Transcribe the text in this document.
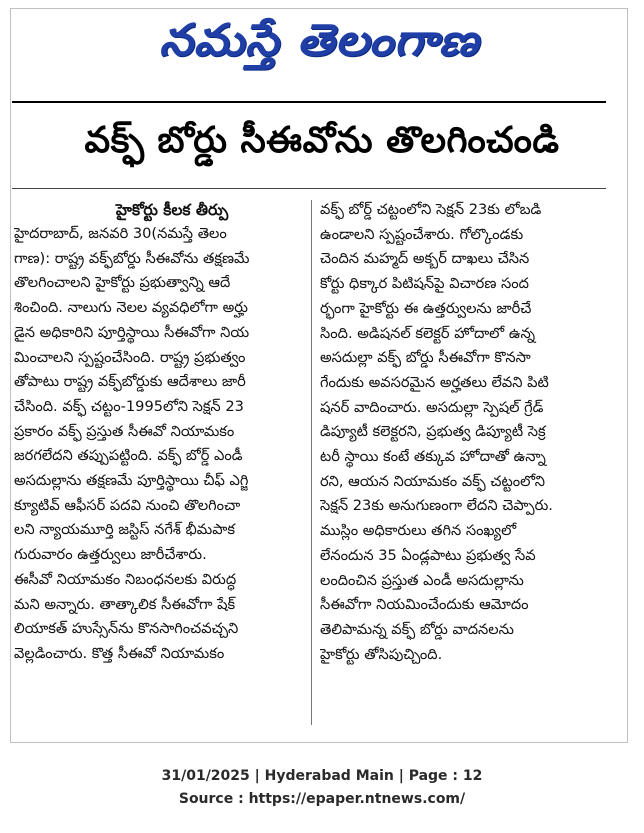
నమస్తే తెలంగాణ
వక్ఫ్ బోర్డు సీఈవోను తొలగించండి
హైకోర్టు కీలక తీర్పు
హైదరాబాద్, జనవరి 30(నమస్తే తెలం
గాణ): రాష్ట్ర వక్ఫ్‌బోర్డు సీఈవోను తక్షణమే
తొలగించాలని హైకోర్టు ప్రభుత్వాన్ని ఆదే
శించింది. నాలుగు నెలల వ్యవధిలోగా అర్హు
డైన అధికారిని పూర్తిస్థాయి సీఈవోగా నియ
మించాలని స్పష్టంచేసింది. రాష్ట్ర ప్రభుత్వం
తోపాటు రాష్ట్ర వక్ఫ్‌బోర్డుకు ఆదేశాలు జారీ
చేసింది. వక్ఫ్ చట్టం-1995లోని సెక్షన్ 23
ప్రకారం వక్ఫ్ ప్రస్తుత సీఈవో నియామకం
జరగలేదని తప్పుపట్టింది. వక్ఫ్ బోర్డ్ ఎండీ
అసదుల్లాను తక్షణమే పూర్తిస్థాయి చీఫ్ ఎగ్జి
క్యూటివ్ ఆఫీసర్ పదవి నుంచి తొలగించా
లని న్యాయమూర్తి జస్టిస్ నగేశ్ భీమపాక
గురువారం ఉత్తర్వులు జారీచేశారు.
ఈసీవో నియామకం నిబంధనలకు విరుద్ధ
మని అన్నారు. తాత్కాలిక సీఈవోగా షేక్
లియాకత్ హుస్సేన్‌ను కొనసాగించవచ్చని
వెల్లడించారు. కొత్త సీఈవో నియామకం
వక్ఫ్ బోర్డ్ చట్టంలోని సెక్షన్ 23కు లోబడి
ఉండాలని స్పష్టంచేశారు. గోల్కొండకు
చెందిన మహ్మద్ అక్బర్ దాఖలు చేసిన
కోర్టు ధిక్కార పిటిషన్‌పై విచారణ సంద
ర్భంగా హైకోర్టు ఈ ఉత్తర్వులను జారీచే
సింది. అడిషనల్ కలెక్టర్ హోదాలో ఉన్న
అసదుల్లా వక్ఫ్ బోర్డు సీఈవోగా కొనసా
గేందుకు అవసరమైన అర్హతలు లేవని పిటి
షనర్ వాదించారు. అసదుల్లా స్పెషల్ గ్రేడ్
డిప్యూటీ కలెక్టరని, ప్రభుత్వ డిప్యూటీ సెక్ర
టరీ స్థాయి కంటే తక్కువ హోదాతో ఉన్నా
రని, ఆయన నియామకం వక్ఫ్ చట్టంలోని
సెక్షన్ 23కు అనుగుణంగా లేదని చెప్పారు.
ముస్లిం అధికారులు తగిన సంఖ్యలో
లేనందున 35 ఏండ్లపాటు ప్రభుత్వ సేవ
లందించిన ప్రస్తుత ఎండీ అసదుల్లాను
సీఈవోగా నియమించేందుకు ఆమోదం
తెలిపామన్న వక్ఫ్ బోర్డు వాదనలను
హైకోర్టు తోసిపుచ్చింది.
31/01/2025 | Hyderabad Main | Page : 12
Source : https://epaper.ntnews.com/
